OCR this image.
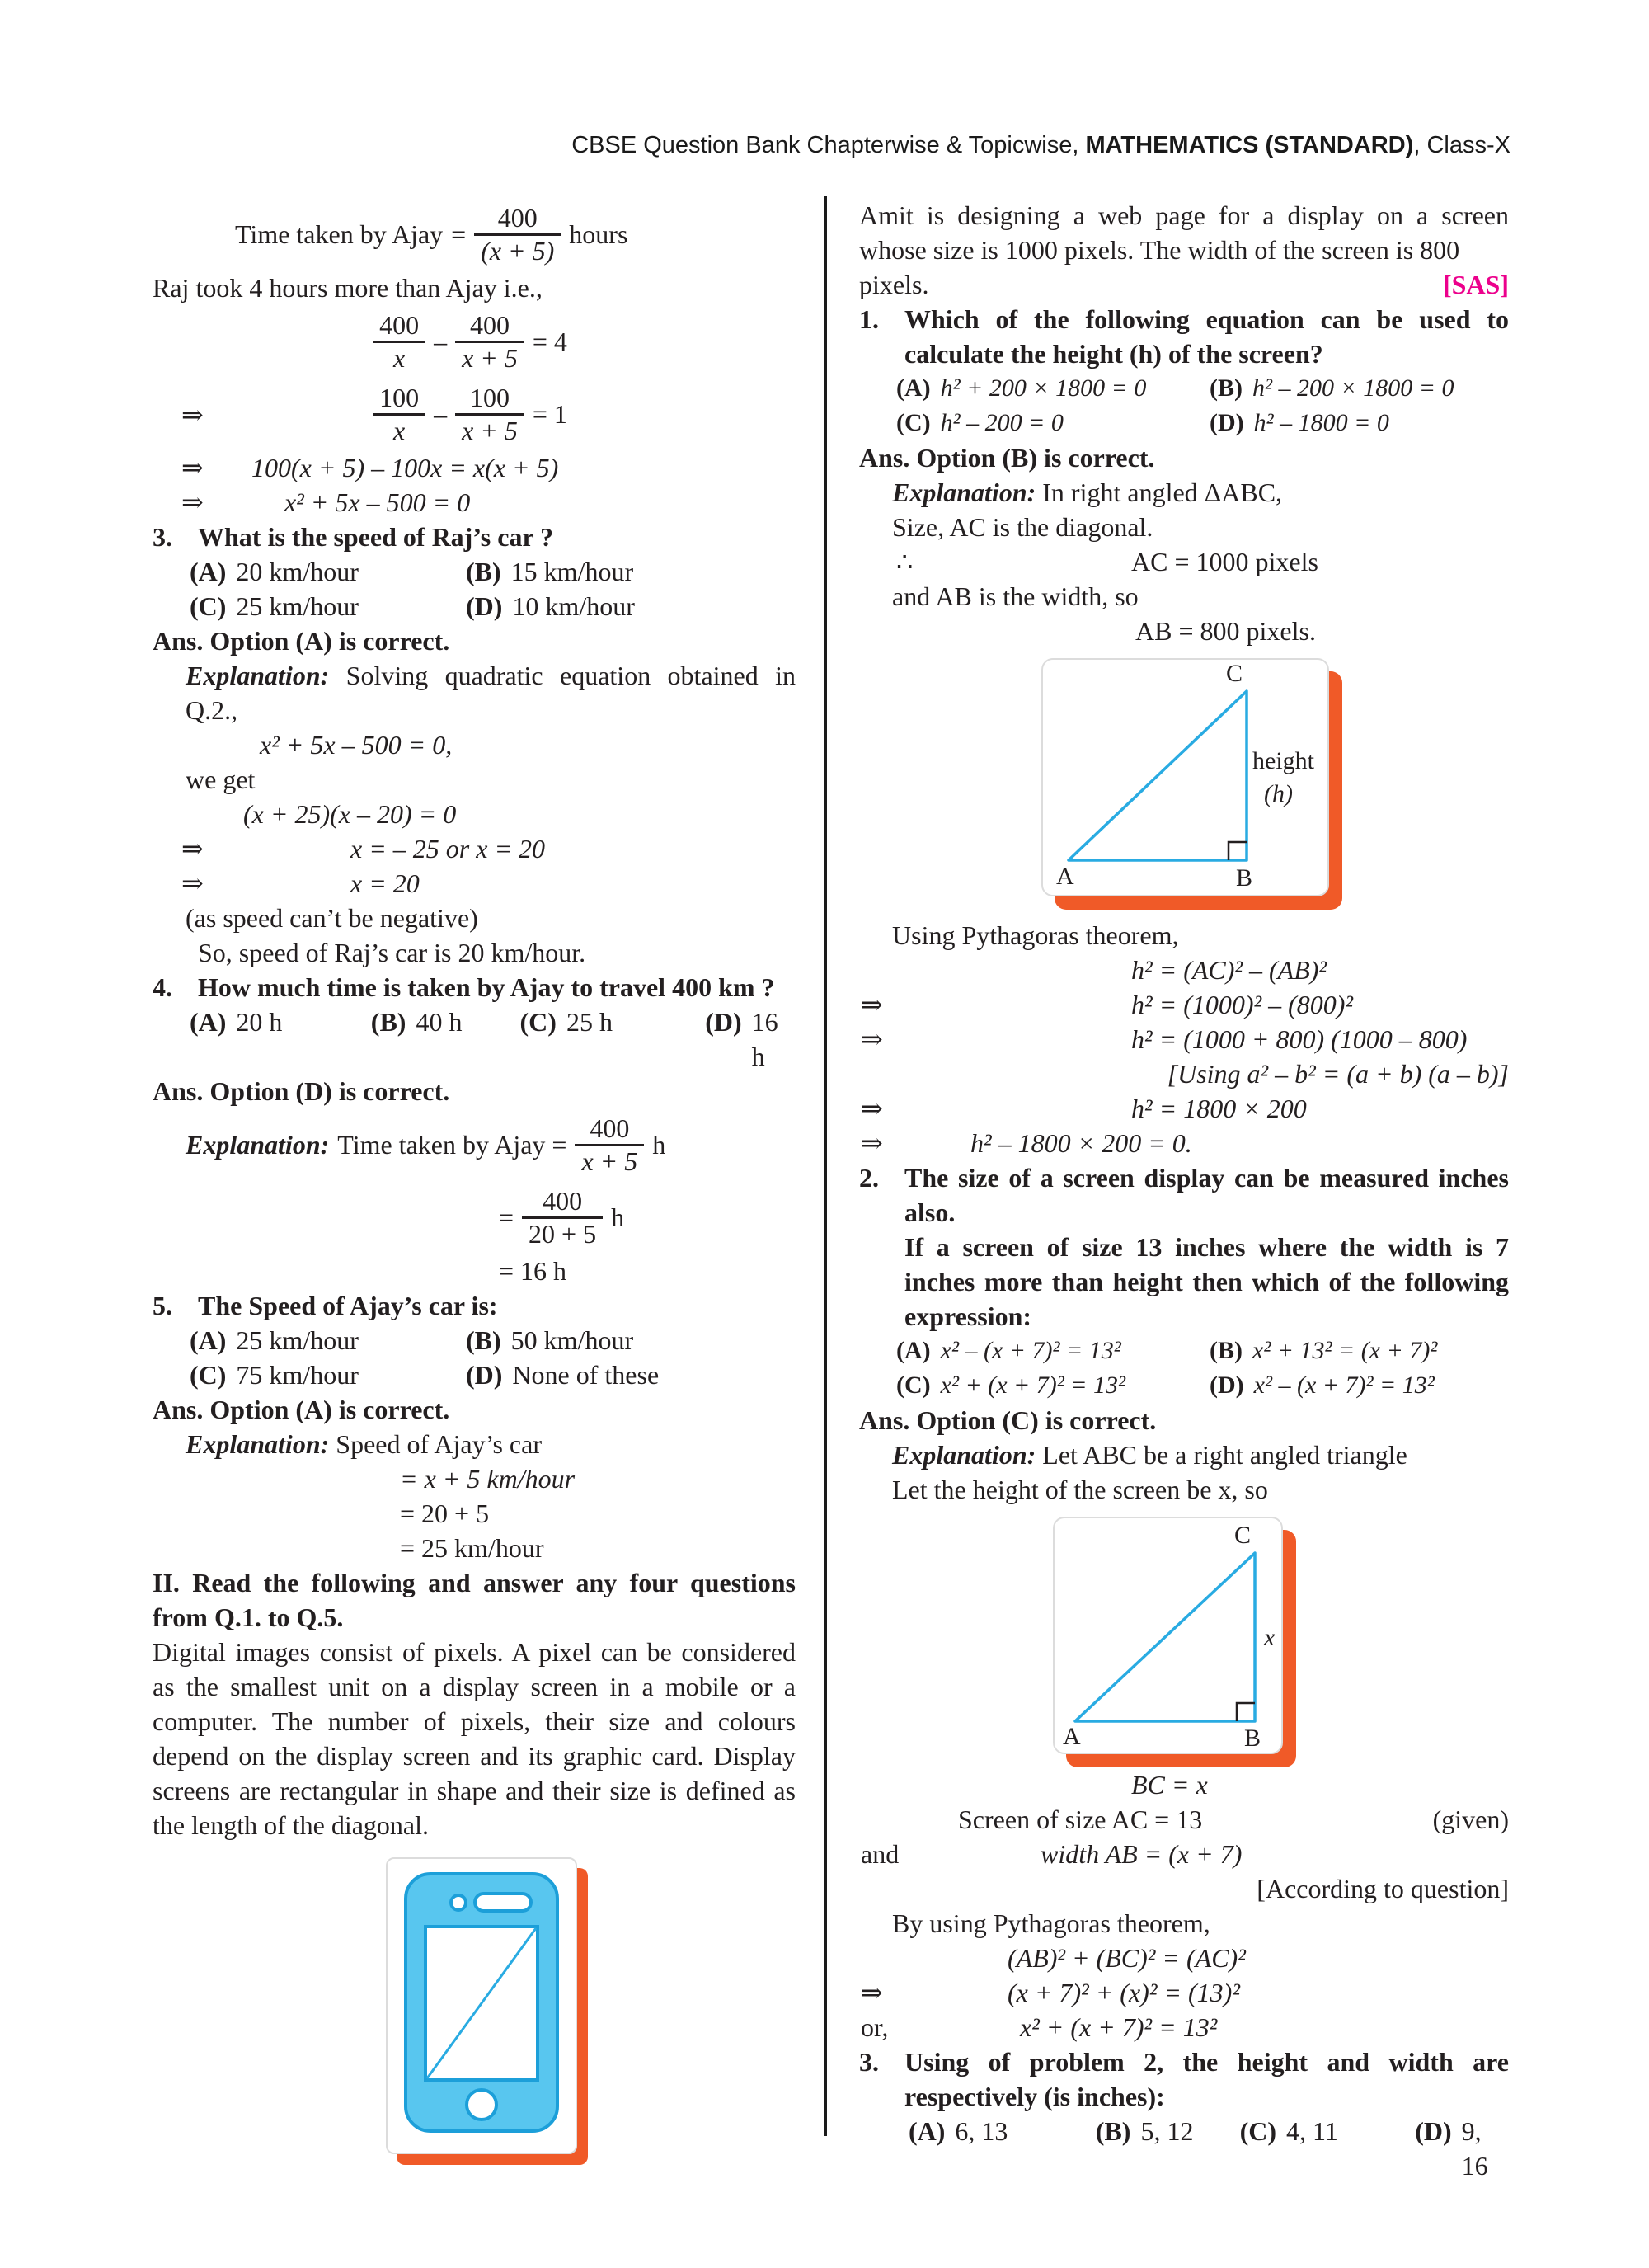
CBSE Question Bank Chapterwise & Topicwise, MATHEMATICS (STANDARD), Class-X
Time taken by Ajay = $\frac{400}{(x + 5)}$ hours
Raj took 4 hours more than Ajay i.e.,
$\frac{400}{x} - \frac{400}{x + 5} = 4$
⇒	$\frac{100}{x} - \frac{100}{x + 5} = 1$
⇒ 100(x + 5) – 100x = x(x + 5)
⇒	x² + 5x – 500 = 0
3. What is the speed of Raj’s car ?
(A) 20 km/hour	(B) 15 km/hour
(C) 25 km/hour	(D) 10 km/hour
Ans. Option (A) is correct.
Explanation: Solving quadratic equation obtained in Q.2.,
x² + 5x – 500 = 0,
we get
(x + 25)(x – 20) = 0
⇒	x = – 25 or x = 20
⇒	x = 20
(as speed can’t be negative)
So, speed of Raj’s car is 20 km/hour.
4. How much time is taken by Ajay to travel 400 km ?
(A) 20 h	(B) 40 h (C) 25 h	(D) 16 h
Ans. Option (D) is correct.
Explanation: Time taken by Ajay = $\frac{400}{x + 5}$ h
= $\frac{400}{20 + 5}$ h
= 16 h
5. The Speed of Ajay’s car is:
(A) 25 km/hour	(B) 50 km/hour
(C) 75 km/hour	(D) None of these
Ans. Option (A) is correct.
Explanation: Speed of Ajay’s car
= x + 5 km/hour
= 20 + 5
= 25 km/hour
II. Read the following and answer any four questions from Q.1. to Q.5.
Digital images consist of pixels. A pixel can be considered as the smallest unit on a display screen in a mobile or a computer. The number of pixels, their size and colours depend on the display screen and its graphic card. Display screens are rectangular in shape and their size is defined as the length of the diagonal.
Amit is designing a web page for a display on a screen whose size is 1000 pixels. The width of the screen is 800
pixels.	[SAS]
1. Which of the following equation can be used to calculate the height (h) of the screen?
(A) h² + 200 × 1800 = 0	(B) h² – 200 × 1800 = 0
(C) h² – 200 = 0	(D) h² – 1800 = 0
Ans. Option (B) is correct.
Explanation: In right angled ΔABC,
Size, AC is the diagonal.
∴	AC = 1000 pixels
and AB is the width, so
AB = 800 pixels.
C
A	B
height
(h)
Using Pythagoras theorem,
h² = (AC)² – (AB)²
⇒	h² = (1000)² – (800)²
⇒	h² = (1000 + 800) (1000 – 800)
[Using a² – b² = (a + b) (a – b)]
⇒	h² = 1800 × 200
⇒	h² – 1800 × 200 = 0.
2. The size of a screen display can be measured inches also.
If a screen of size 13 inches where the width is 7 inches more than height then which of the following expression:
(A) x² – (x + 7)² = 13²	(B) x² + 13² = (x + 7)²
(C) x² + (x + 7)² = 13²	(D) x² – (x + 7)² = 13²
Ans. Option (C) is correct.
Explanation: Let ABC be a right angled triangle
Let the height of the screen be x, so
C
A	B
x
BC = x
Screen of size AC = 13	(given)
and	width AB = (x + 7)
[According to question]
By using Pythagoras theorem,
(AB)² + (BC)² = (AC)²
⇒	(x + 7)² + (x)² = (13)²
or,	x² + (x + 7)² = 13²
3. Using of problem 2, the height and width are respectively (is inches):
(A) 6, 13	(B) 5, 12 (C) 4, 11	(D) 9, 16
